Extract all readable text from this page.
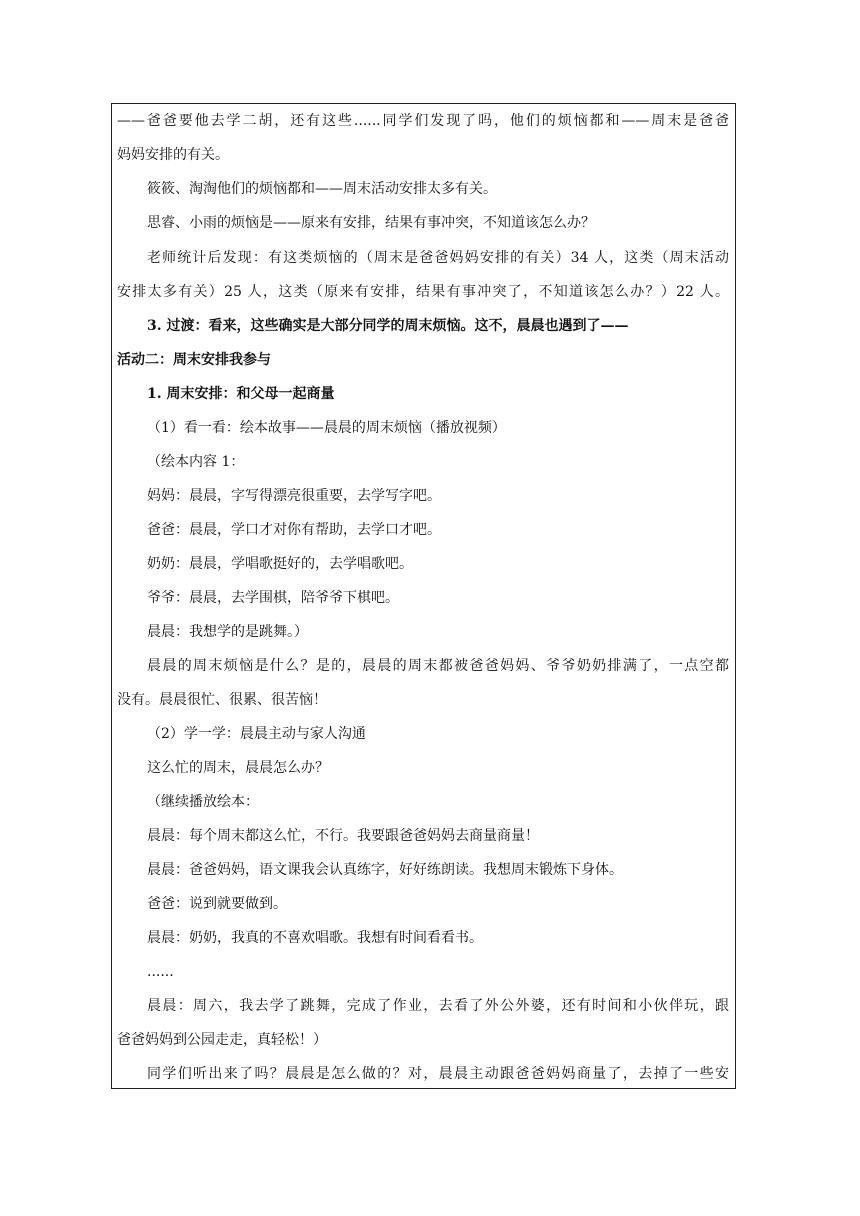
——爸爸要他去学二胡，还有这些......同学们发现了吗，他们的烦恼都和——周末是爸爸
妈妈安排的有关。
筱筱、淘淘他们的烦恼都和——周末活动安排太多有关。
思睿、小雨的烦恼是——原来有安排，结果有事冲突，不知道该怎么办？
老师统计后发现：有这类烦恼的（周末是爸爸妈妈安排的有关）34 人，这类（周末活动
安排太多有关）25 人，这类（原来有安排，结果有事冲突了，不知道该怎么办？）22 人。
3. 过渡：看来，这些确实是大部分同学的周末烦恼。这不，晨晨也遇到了——
活动二：周末安排我参与
1. 周末安排：和父母一起商量
（1）看一看：绘本故事——晨晨的周末烦恼（播放视频）
（绘本内容 1：
妈妈：晨晨，字写得漂亮很重要，去学写字吧。
爸爸：晨晨，学口才对你有帮助，去学口才吧。
奶奶：晨晨，学唱歌挺好的，去学唱歌吧。
爷爷：晨晨，去学围棋，陪爷爷下棋吧。
晨晨：我想学的是跳舞。）
晨晨的周末烦恼是什么？是的，晨晨的周末都被爸爸妈妈、爷爷奶奶排满了，一点空都
没有。晨晨很忙、很累、很苦恼！
（2）学一学：晨晨主动与家人沟通
这么忙的周末，晨晨怎么办？
（继续播放绘本：
晨晨：每个周末都这么忙，不行。我要跟爸爸妈妈去商量商量！
晨晨：爸爸妈妈，语文课我会认真练字，好好练朗读。我想周末锻炼下身体。
爸爸：说到就要做到。
晨晨：奶奶，我真的不喜欢唱歌。我想有时间看看书。
......
晨晨：周六，我去学了跳舞，完成了作业，去看了外公外婆，还有时间和小伙伴玩，跟
爸爸妈妈到公园走走，真轻松！）
同学们听出来了吗？晨晨是怎么做的？对，晨晨主动跟爸爸妈妈商量了，去掉了一些安
